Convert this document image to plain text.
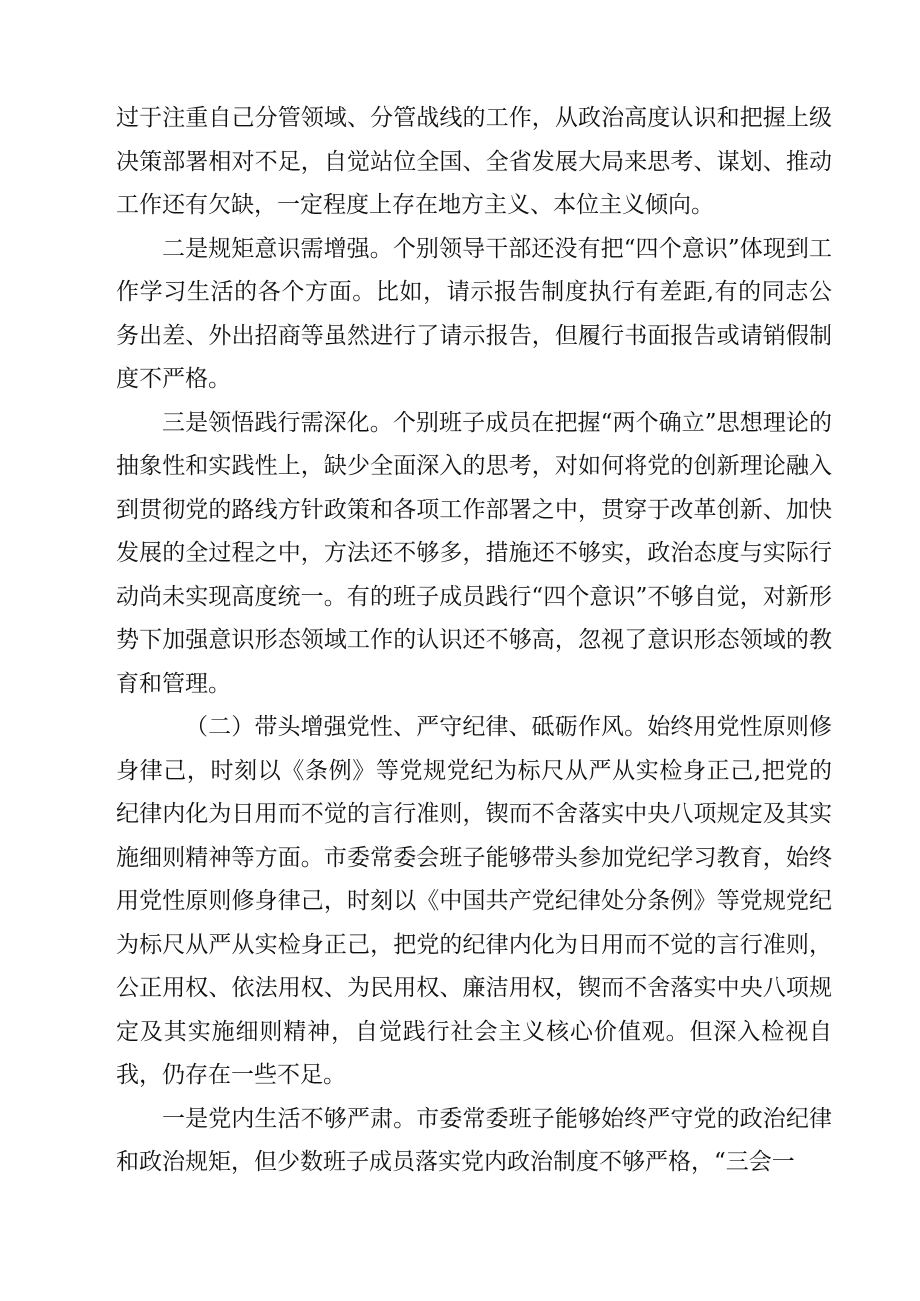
过于注重自己分管领域、分管战线的工作，从政治高度认识和把握上级决策部署相对不足，自觉站位全国、全省发展大局来思考、谋划、推动工作还有欠缺，一定程度上存在地方主义、本位主义倾向。

二是规矩意识需增强。个别领导干部还没有把“四个意识”体现到工作学习生活的各个方面。比如，请示报告制度执行有差距,有的同志公务出差、外出招商等虽然进行了请示报告，但履行书面报告或请销假制度不严格。

三是领悟践行需深化。个别班子成员在把握“两个确立”思想理论的抽象性和实践性上，缺少全面深入的思考，对如何将党的创新理论融入到贯彻党的路线方针政策和各项工作部署之中，贯穿于改革创新、加快发展的全过程之中，方法还不够多，措施还不够实，政治态度与实际行动尚未实现高度统一。有的班子成员践行“四个意识”不够自觉，对新形势下加强意识形态领域工作的认识还不够高，忽视了意识形态领域的教育和管理。

（二）带头增强党性、严守纪律、砥砺作风。始终用党性原则修身律己，时刻以《条例》等党规党纪为标尺从严从实检身正己,把党的纪律内化为日用而不觉的言行准则，锲而不舍落实中央八项规定及其实施细则精神等方面。市委常委会班子能够带头参加党纪学习教育，始终用党性原则修身律己，时刻以《中国共产党纪律处分条例》等党规党纪为标尺从严从实检身正己，把党的纪律内化为日用而不觉的言行准则，公正用权、依法用权、为民用权、廉洁用权，锲而不舍落实中央八项规定及其实施细则精神，自觉践行社会主义核心价值观。但深入检视自我，仍存在一些不足。

一是党内生活不够严肃。市委常委班子能够始终严守党的政治纪律和政治规矩，但少数班子成员落实党内政治制度不够严格，“三会一
